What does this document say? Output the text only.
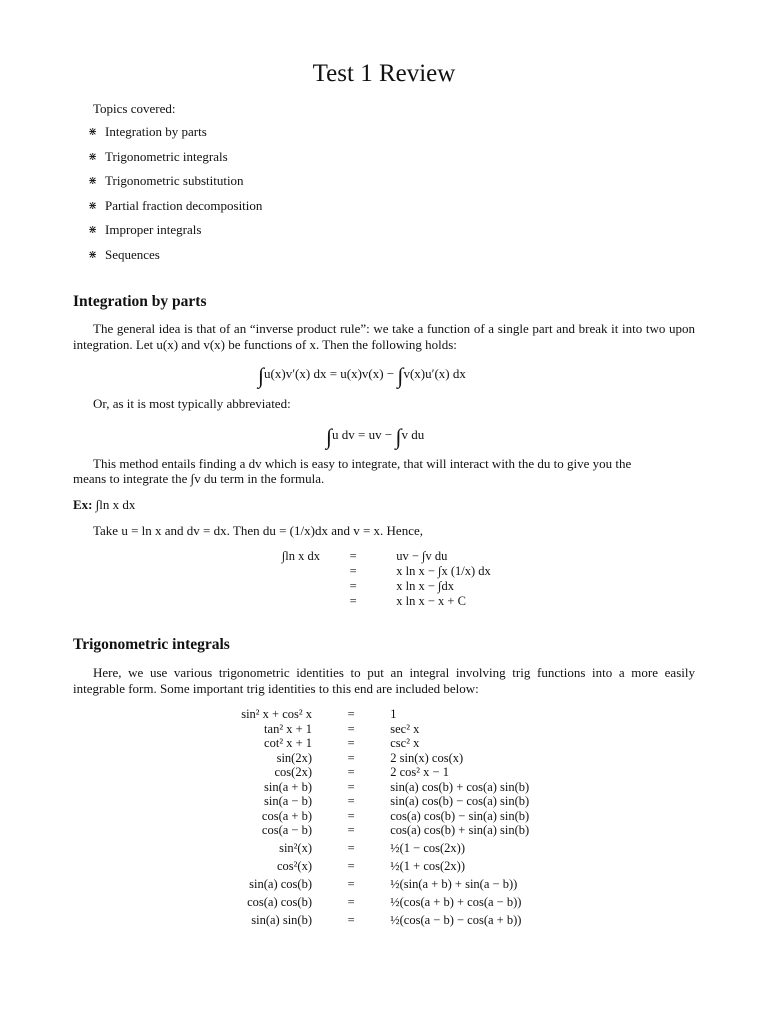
Test 1 Review
Topics covered:
⋇ Integration by parts
⋇ Trigonometric integrals
⋇ Trigonometric substitution
⋇ Partial fraction decomposition
⋇ Improper integrals
⋇ Sequences
Integration by parts
The general idea is that of an “inverse product rule”: we take a function of a single part and break it into two upon integration. Let u(x) and v(x) be functions of x. Then the following holds:
∫u(x)v′(x) dx = u(x)v(x) − ∫v(x)u′(x) dx
Or, as it is most typically abbreviated:
∫u dv = uv − ∫v du
This method entails finding a dv which is easy to integrate, that will interact with the du to give you the
means to integrate the ∫v du term in the formula.
Ex: ∫ln x dx
Take u = ln x and dv = dx. Then du = (1/x)dx and v = x. Hence,
∫ln x dx =	uv − ∫v du
=	x ln x − ∫x (1/x) dx
=	x ln x − ∫dx
=	x ln x − x + C
Trigonometric integrals
Here, we use various trigonometric identities to put an integral involving trig functions into a more easily integrable form. Some important trig identities to this end are included below:
sin² x + cos² x	=	1
tan² x + 1	=	sec² x
cot² x + 1	=	csc² x
sin(2x)	=	2 sin(x) cos(x)
cos(2x)	=	2 cos² x − 1
sin(a + b)	=	sin(a) cos(b) + cos(a) sin(b)
sin(a − b)	=	sin(a) cos(b) − cos(a) sin(b)
cos(a + b)	=	cos(a) cos(b) − sin(a) sin(b)
cos(a − b)	=	cos(a) cos(b) + sin(a) sin(b)
sin²(x)	=	½(1 − cos(2x))
cos²(x)	=	½(1 + cos(2x))
sin(a) cos(b)	=	½(sin(a + b) + sin(a − b))
cos(a) cos(b)	=	½(cos(a + b) + cos(a − b))
sin(a) sin(b)	=	½(cos(a − b) − cos(a + b))
